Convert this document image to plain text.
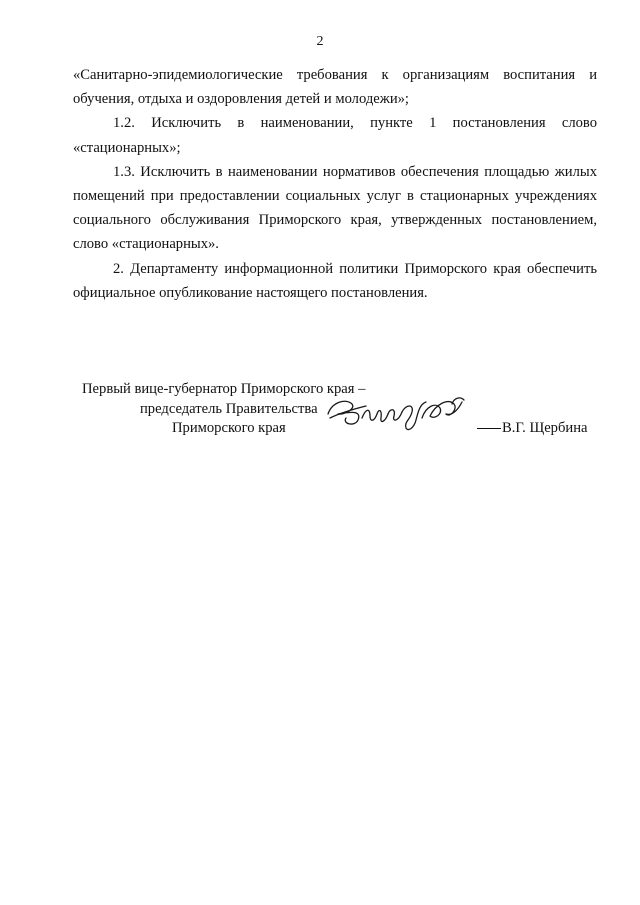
2

«Санитарно-эпидемиологические требования к организациям воспитания и обучения, отдыха и оздоровления детей и молодежи»;

1.2. Исключить в наименовании, пункте 1 постановления слово «стационарных»;

1.3. Исключить в наименовании нормативов обеспечения площадью жилых помещений при предоставлении социальных услуг в стационарных учреждениях социального обслуживания Приморского края, утвержденных постановлением, слово «стационарных».

2. Департаменту информационной политики Приморского края обеспечить официальное опубликование настоящего постановления.

Первый вице-губернатор Приморского края –
председатель Правительства
Приморского края	В.Г. Щербина
